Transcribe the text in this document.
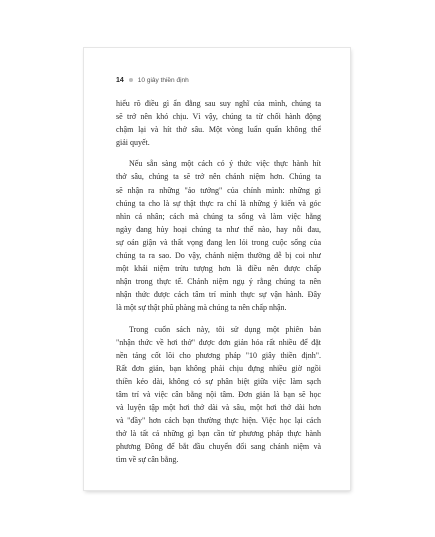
14 10 giây thiền định
hiểu rõ điều gì ẩn đằng sau suy nghĩ của mình, chúng ta
sẽ trở nên khó chịu. Vì vậy, chúng ta từ chối hành động
chậm lại và hít thở sâu. Một vòng luẩn quẩn không thể
giải quyết.
Nếu sẵn sàng một cách có ý thức việc thực hành hít
thở sâu, chúng ta sẽ trở nên chánh niệm hơn. Chúng ta
sẽ nhận ra những "ảo tưởng" của chính mình: những gì
chúng ta cho là sự thật thực ra chỉ là những ý kiến và góc
nhìn cá nhân; cách mà chúng ta sống và làm việc hằng
ngày đang hủy hoại chúng ta như thế nào, hay nỗi đau,
sự oán giận và thất vọng đang len lỏi trong cuộc sống của
chúng ta ra sao. Do vậy, chánh niệm thường dễ bị coi như
một khái niệm trừu tượng hơn là điều nên được chấp
nhận trong thực tế. Chánh niệm ngụ ý rằng chúng ta nên
nhận thức được cách tâm trí mình thực sự vận hành. Đây
là một sự thật phũ phàng mà chúng ta nên chấp nhận.
Trong cuốn sách này, tôi sử dụng một phiên bản
"nhận thức về hơi thở" được đơn giản hóa rất nhiều để đặt
nền tảng cốt lõi cho phương pháp "10 giây thiền định".
Rất đơn giản, bạn không phải chịu đựng nhiều giờ ngồi
thiền kéo dài, không có sự phân biệt giữa việc làm sạch
tâm trí và việc cân bằng nội tâm. Đơn giản là bạn sẽ học
và luyện tập một hơi thở dài và sâu, một hơi thở dài hơn
và "đầy" hơn cách bạn thường thực hiện. Việc học lại cách
thở là tất cả những gì bạn cần từ phương pháp thực hành
phương Đông để bắt đầu chuyển đổi sang chánh niệm và
tìm về sự cân bằng.
